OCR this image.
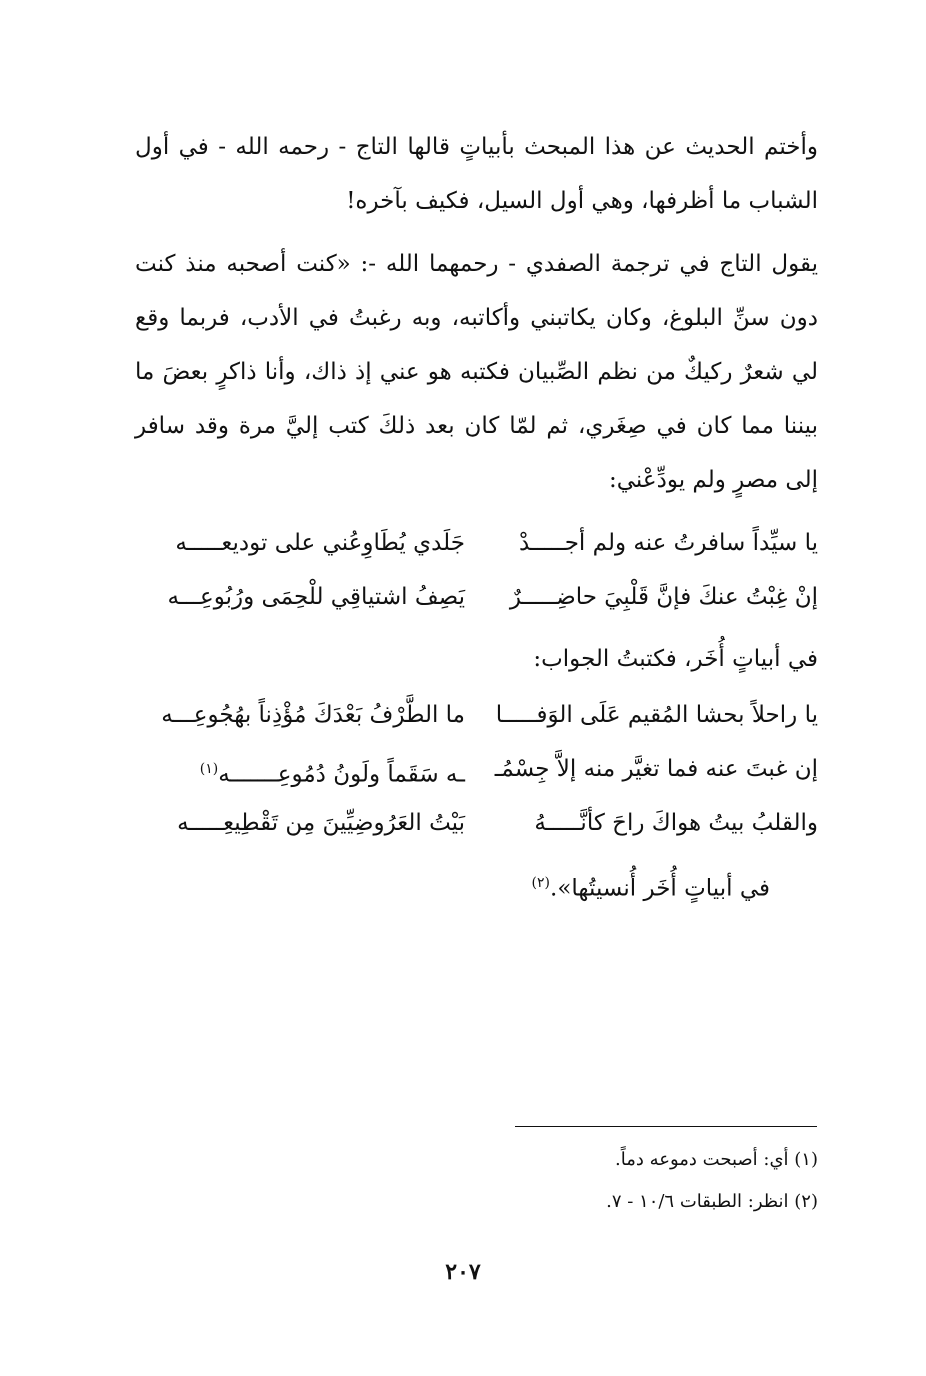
وأختم الحديث عن هذا المبحث بأبياتٍ قالها التاج - رحمه الله - في أول الشباب ما أظرفها، وهي أول السيل، فكيف بآخره!
يقول التاج في ترجمة الصفدي - رحمهما الله -: «كنت أصحبه منذ كنت دون سنِّ البلوغ، وكان يكاتبني وأكاتبه، وبه رغبتُ في الأدب، فربما وقع لي شعرٌ ركيكٌ من نظم الصِّبيان فكتبه هو عني إذ ذاك، وأنا ذاكرٍ بعضَ ما بيننا مما كان في صِغَري، ثم لمّا كان بعد ذلكَ كتب إليَّ مرة وقد سافر إلى مصرٍ ولم يودِّعْني:
يا سيِّداً سافرتُ عنه ولم أجـــــدْ
جَلَدي يُطَاوِعُني على توديعـــــه
إنْ غِبْتُ عنكَ فإنَّ قَلْبِيَ حاضِـــــرٌ
يَصِفُ اشتياقِي للْحِمَى ورُبُوعِـــه
في أبياتٍ أُخَر، فكتبتُ الجواب:
يا راحلاً بحشا المُقيم عَلَى الوَفـــــا
ما الطَّرْفُ بَعْدَكَ مُؤْذِناً بهُجُوعِـــه
إن غبتَ عنه فما تغيَّر منه إلاَّ جِسْمُـ
ـه سَقَماً ولَونُ دُمُوعِـــــــه$^{(١)}$
والقلبُ بيتُ هواكَ راحَ كأنَّـــــهُ
بَيْتُ العَرُوضِيِّينَ مِن تَقْطِيعِـــــه
في أبياتٍ أُخَر أُنسيتُها».$^{(٢)}$
(١) أي: أصبحت دموعه دماً.
(٢) انظر: الطبقات ١٠/٦ - ٧.
٢٠٧
